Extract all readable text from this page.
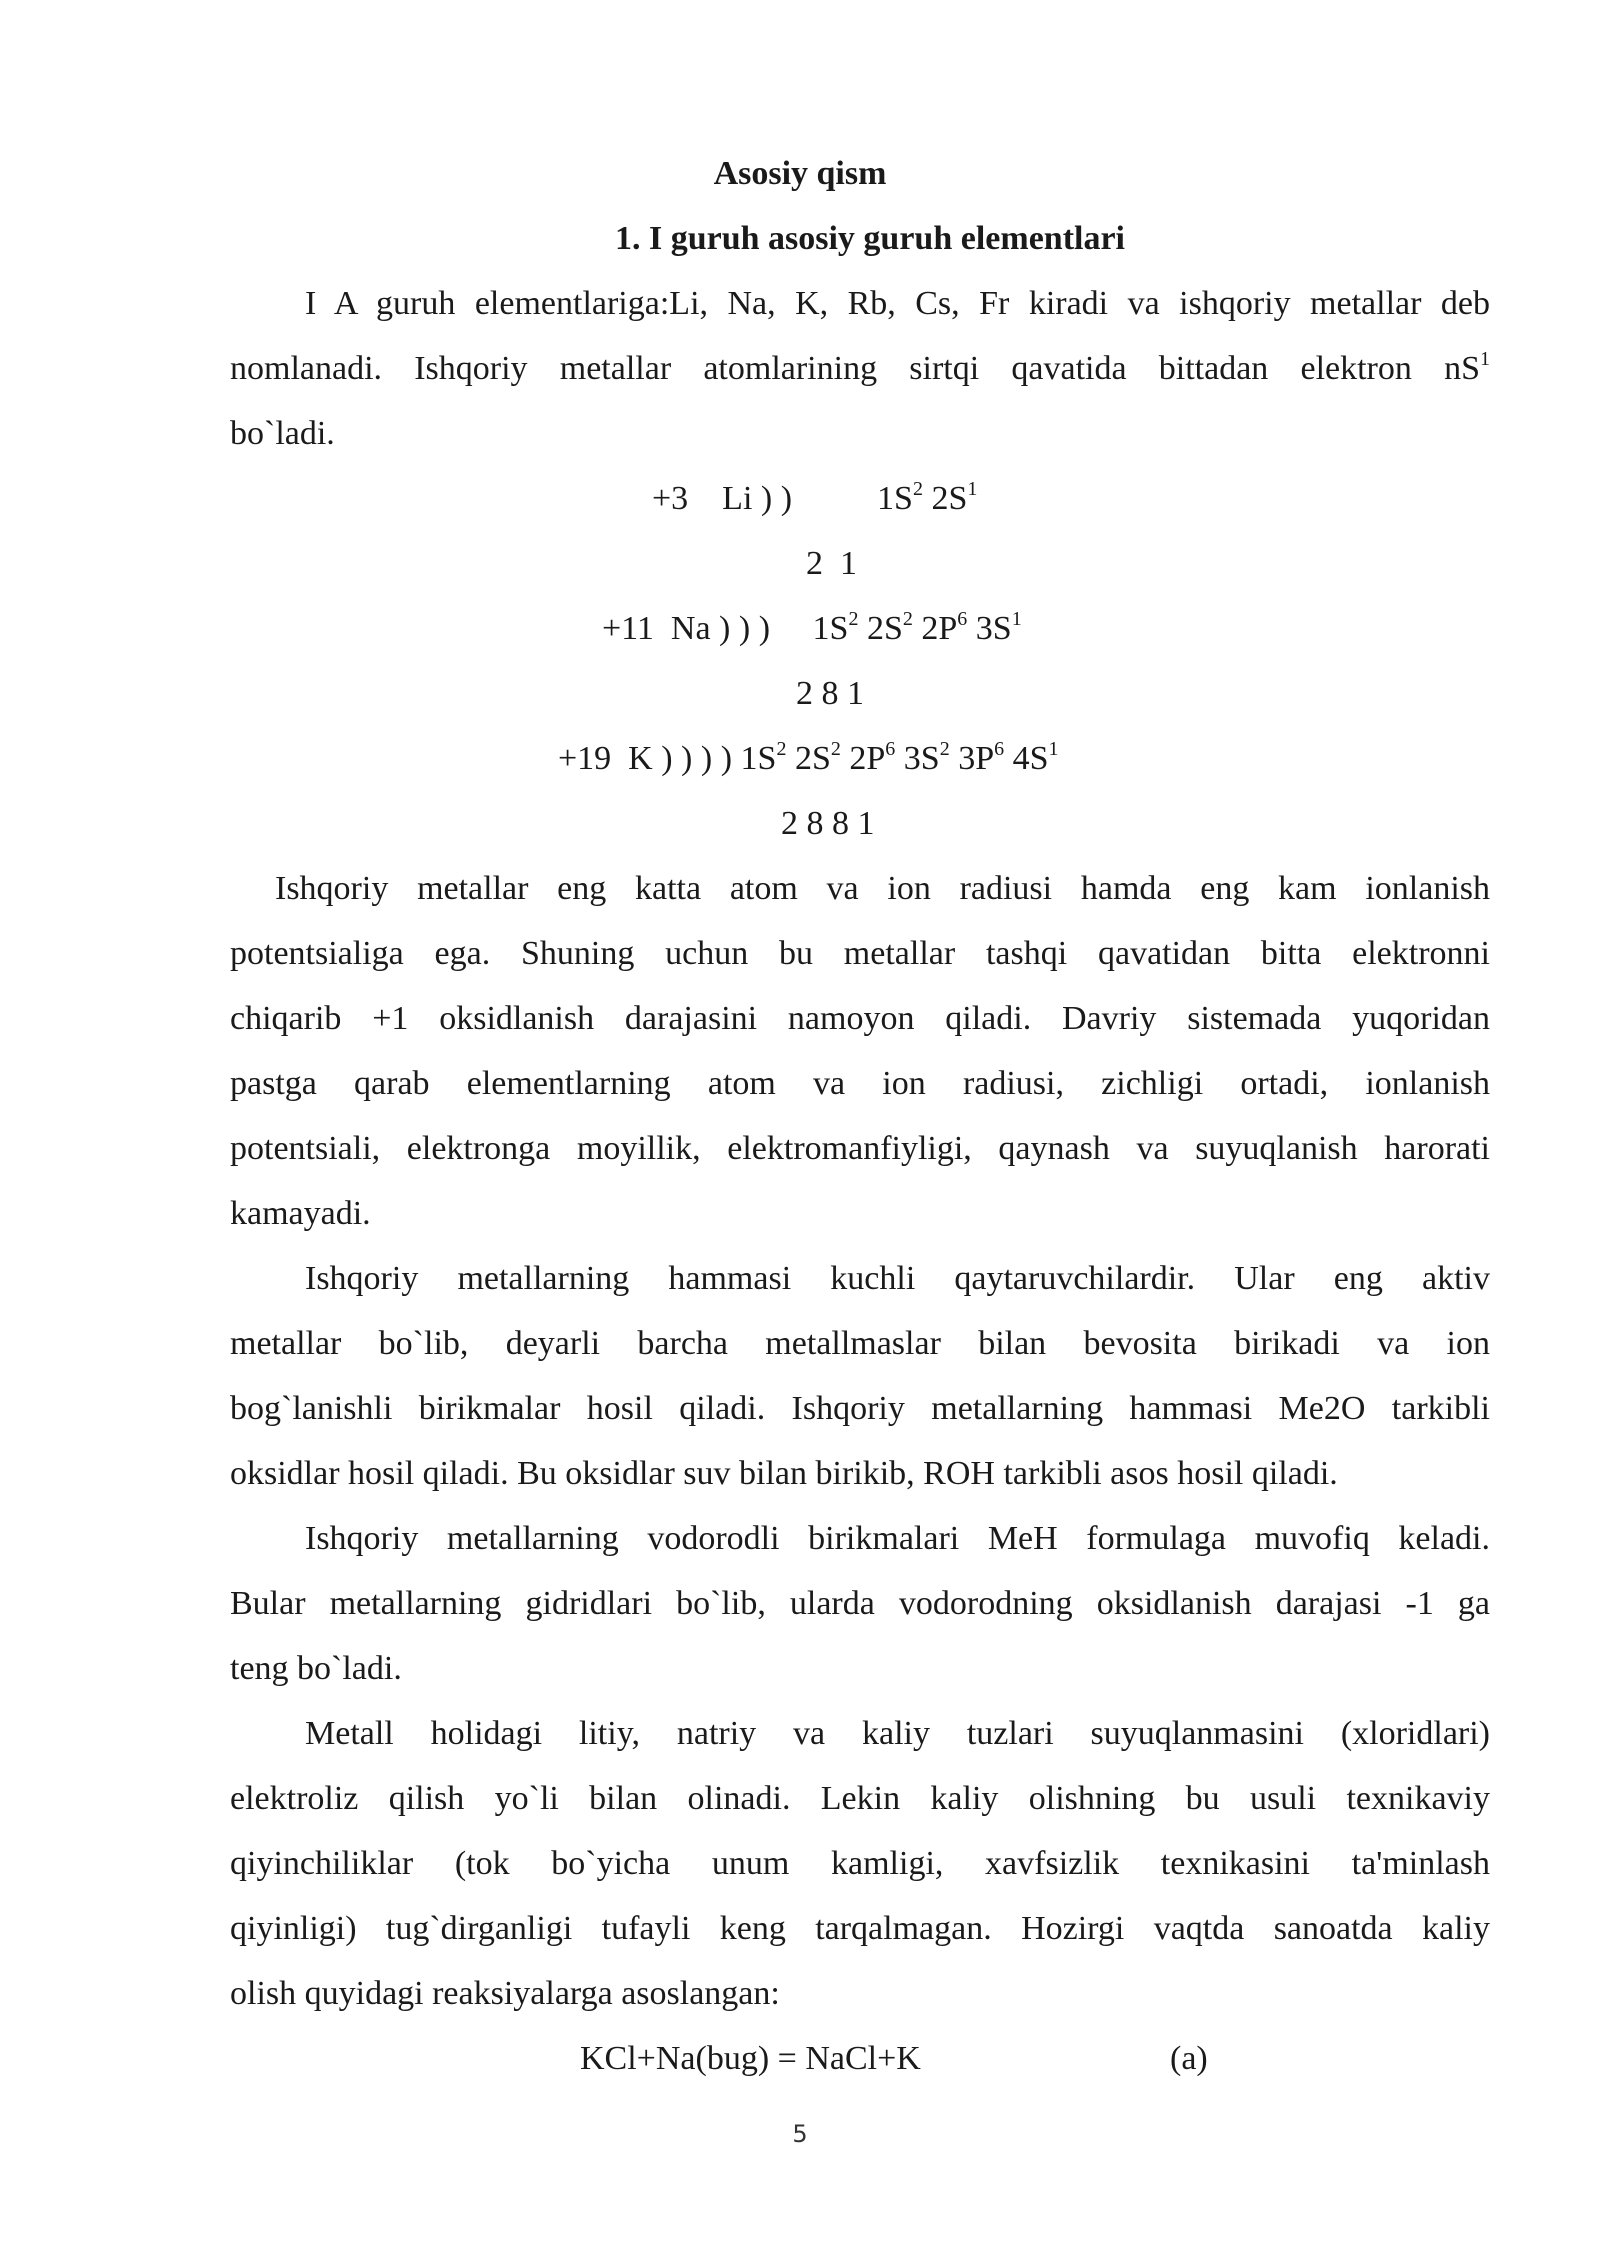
Asosiy qism
1. I guruh asosiy guruh elementlari
I A guruh elementlariga:Li, Na, K, Rb, Cs, Fr kiradi va ishqoriy metallar deb
nomlanadi. Ishqoriy metallar atomlarining sirtqi qavatida bittadan elektron $nS^1$
bo`ladi.
+3    Li ) )          $1S^2$ $2S^1$
2  1
+11  Na ) ) )     $1S^2$ $2S^2$ $2P^6$ $3S^1$
2 8 1
+19  K ) ) ) ) $1S^2$ $2S^2$ $2P^6$ $3S^2$ $3P^6$ $4S^1$
2 8 8 1
Ishqoriy metallar eng katta atom va ion radiusi hamda eng kam ionlanish
potentsialiga ega. Shuning uchun bu metallar tashqi qavatidan bitta elektronni
chiqarib +1 oksidlanish darajasini namoyon qiladi. Davriy sistemada yuqoridan
pastga qarab elementlarning atom va ion radiusi, zichligi ortadi, ionlanish
potentsiali, elektronga moyillik, elektromanfiyligi, qaynash va suyuqlanish harorati
kamayadi.
Ishqoriy metallarning hammasi kuchli qaytaruvchilardir. Ular eng aktiv
metallar bo`lib, deyarli barcha metallmaslar bilan bevosita birikadi va ion
bog`lanishli birikmalar hosil qiladi. Ishqoriy metallarning hammasi Me2O tarkibli
oksidlar hosil qiladi. Bu oksidlar suv bilan birikib, ROH tarkibli asos hosil qiladi.
Ishqoriy metallarning vodorodli birikmalari MeH formulaga muvofiq keladi.
Bular metallarning gidridlari bo`lib, ularda vodorodning oksidlanish darajasi -1 ga
teng bo`ladi.
Metall holidagi litiy, natriy va kaliy tuzlari suyuqlanmasini (xloridlari)
elektroliz qilish yo`li bilan olinadi. Lekin kaliy olishning bu usuli texnikaviy
qiyinchiliklar (tok bo`yicha unum kamligi, xavfsizlik texnikasini ta'minlash
qiyinligi) tug`dirganligi tufayli keng tarqalmagan. Hozirgi vaqtda sanoatda kaliy
olish quyidagi reaksiyalarga asoslangan:
KCl+Na(bug) = NaCl+K	(a)
5
